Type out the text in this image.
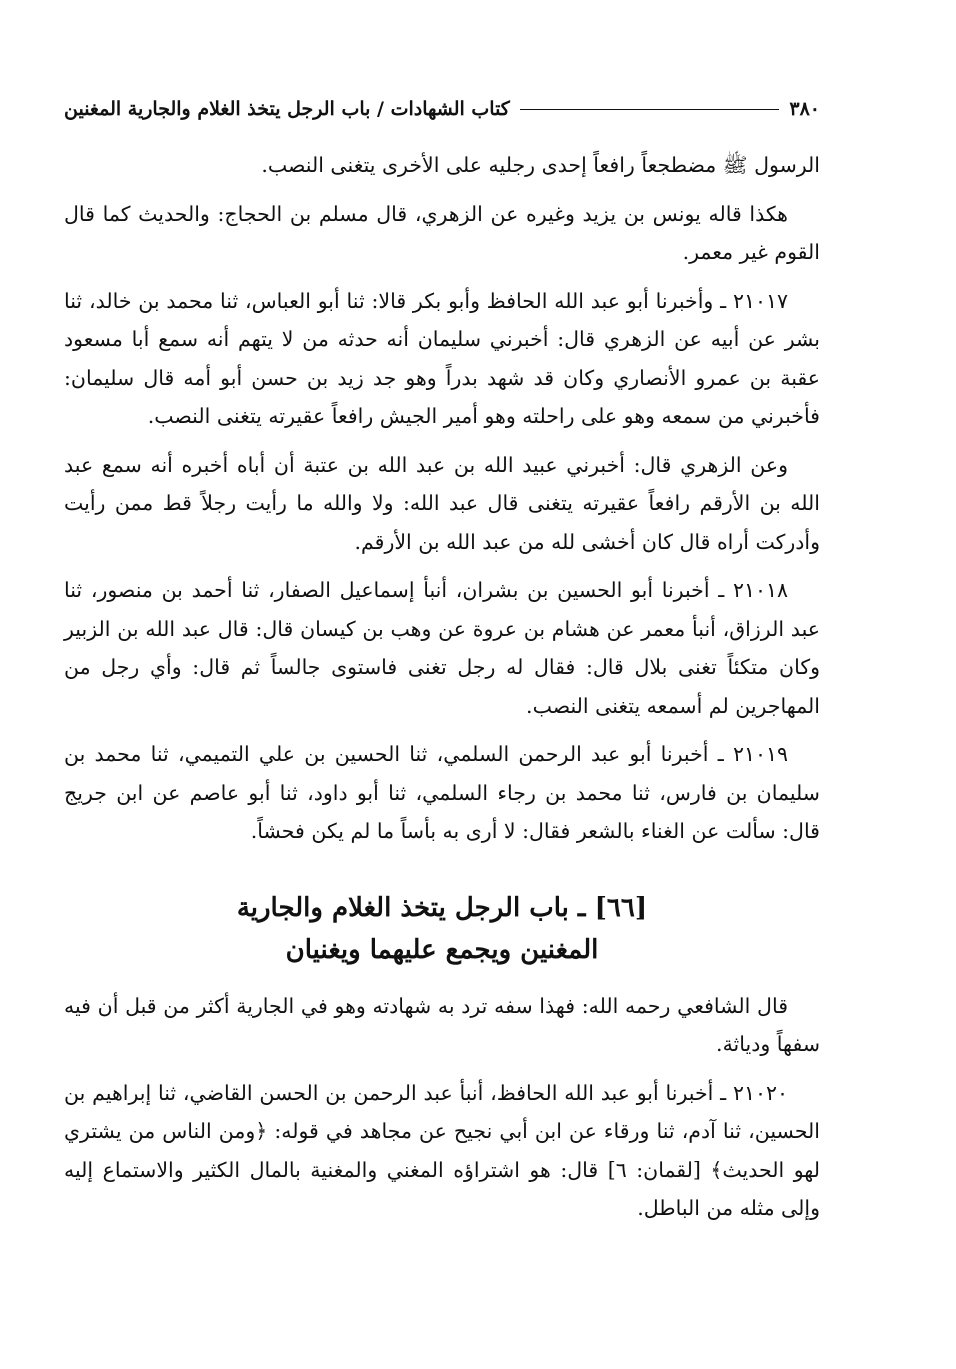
٣٨٠
كتاب الشهادات / باب الرجل يتخذ الغلام والجارية المغنين

الرسول ﷺ مضطجعاً رافعاً إحدى رجليه على الأخرى يتغنى النصب.

هكذا قاله يونس بن يزيد وغيره عن الزهري، قال مسلم بن الحجاج: والحديث كما قال القوم غير معمر.

٢١٠١٧ ـ وأخبرنا أبو عبد الله الحافظ وأبو بكر قالا: ثنا أبو العباس، ثنا محمد بن خالد، ثنا بشر عن أبيه عن الزهري قال: أخبرني سليمان أنه حدثه من لا يتهم أنه سمع أبا مسعود عقبة بن عمرو الأنصاري وكان قد شهد بدراً وهو جد زيد بن حسن أبو أمه قال سليمان: فأخبرني من سمعه وهو على راحلته وهو أمير الجيش رافعاً عقيرته يتغنى النصب.

وعن الزهري قال: أخبرني عبيد الله بن عبد الله بن عتبة أن أباه أخبره أنه سمع عبد الله بن الأرقم رافعاً عقيرته يتغنى قال عبد الله: ولا والله ما رأيت رجلاً قط ممن رأيت وأدركت أراه قال كان أخشى لله من عبد الله بن الأرقم.

٢١٠١٨ ـ أخبرنا أبو الحسين بن بشران، أنبأ إسماعيل الصفار، ثنا أحمد بن منصور، ثنا عبد الرزاق، أنبأ معمر عن هشام بن عروة عن وهب بن كيسان قال: قال عبد الله بن الزبير وكان متكئاً تغنى بلال قال: فقال له رجل تغنى فاستوى جالساً ثم قال: وأي رجل من المهاجرين لم أسمعه يتغنى النصب.

٢١٠١٩ ـ أخبرنا أبو عبد الرحمن السلمي، ثنا الحسين بن علي التميمي، ثنا محمد بن سليمان بن فارس، ثنا محمد بن رجاء السلمي، ثنا أبو داود، ثنا أبو عاصم عن ابن جريج قال: سألت عن الغناء بالشعر فقال: لا أرى به بأساً ما لم يكن فحشاً.

[٦٦] ـ باب الرجل يتخذ الغلام والجارية
المغنين ويجمع عليهما ويغنيان

قال الشافعي رحمه الله: فهذا سفه ترد به شهادته وهو في الجارية أكثر من قبل أن فيه سفهاً ودياثة.

٢١٠٢٠ ـ أخبرنا أبو عبد الله الحافظ، أنبأ عبد الرحمن بن الحسن القاضي، ثنا إبراهيم بن الحسين، ثنا آدم، ثنا ورقاء عن ابن أبي نجيح عن مجاهد في قوله: ﴿ومن الناس من يشتري لهو الحديث﴾ [لقمان: ٦] قال: هو اشتراؤه المغني والمغنية بالمال الكثير والاستماع إليه وإلى مثله من الباطل.
